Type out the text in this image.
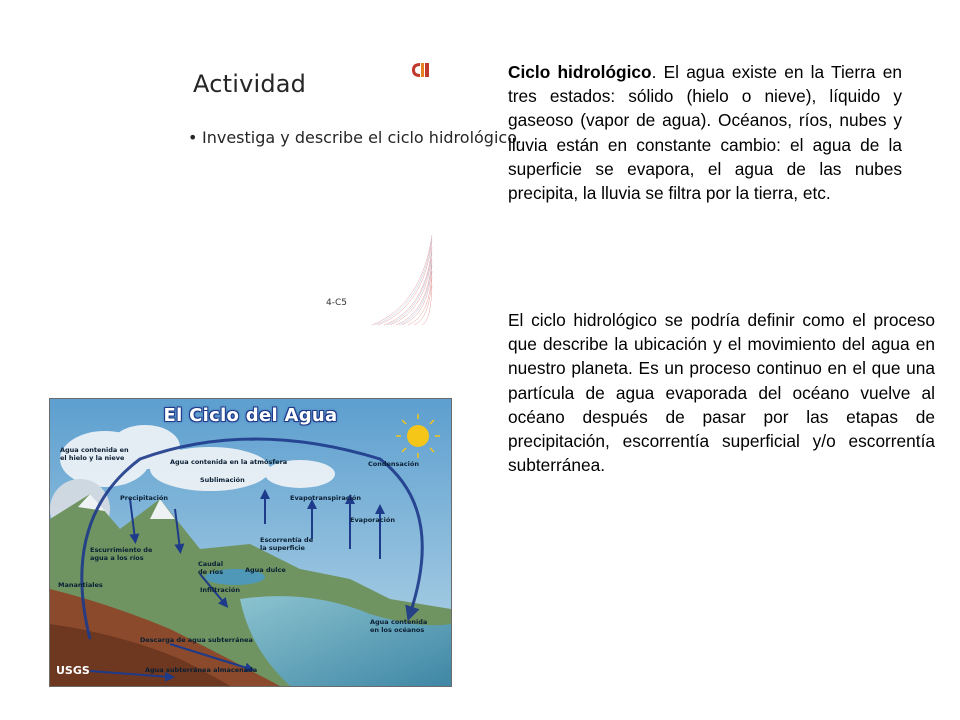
Actividad
• Investiga y describe el ciclo hidrológico.
4-C5
El Ciclo del Agua
Agua contenida en
el hielo y la nieve
Agua contenida en la atmósfera	Condensación
Sublimación
Precipitación	Evapotranspiración
Evaporación
Escurrimiento de
agua a los ríos
Escorrentía de
la superficie
Manantiales
Caudal
de ríos
Infiltración
Agua dulce
Descarga de agua subterránea
Agua contenida
en los océanos
Agua subterránea almacenada
USGS

Ciclo hidrológico. El agua existe en la Tierra en tres estados: sólido (hielo o nieve), líquido y gaseoso (vapor de agua). Océanos, ríos, nubes y lluvia están en constante cambio: el agua de la superficie se evapora, el agua de las nubes precipita, la lluvia se filtra por la tierra, etc.

El ciclo hidrológico se podría definir como el proceso que describe la ubicación y el movimiento del agua en nuestro planeta. Es un proceso continuo en el que una partícula de agua evaporada del océano vuelve al océano después de pasar por las etapas de precipitación, escorrentía superficial y/o escorrentía subterránea.
